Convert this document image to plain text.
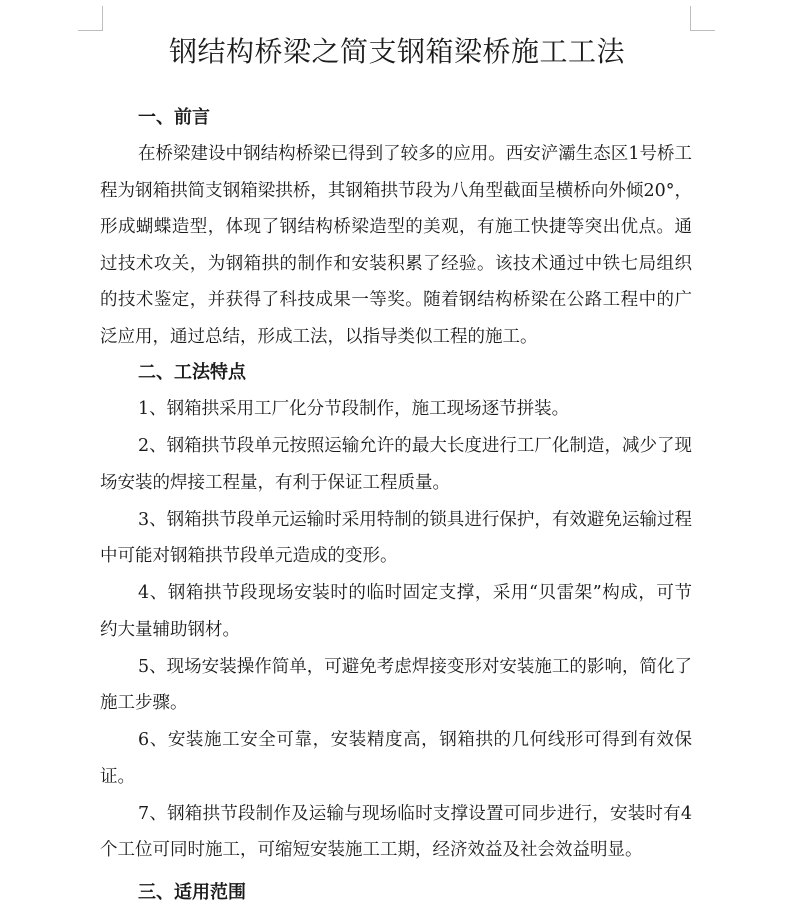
钢结构桥梁之简支钢箱梁桥施工工法

一、前言

在桥梁建设中钢结构桥梁已得到了较多的应用。西安浐灞生态区1号桥工程为钢箱拱简支钢箱梁拱桥，其钢箱拱节段为八角型截面呈横桥向外倾20°，形成蝴蝶造型，体现了钢结构桥梁造型的美观，有施工快捷等突出优点。通过技术攻关，为钢箱拱的制作和安装积累了经验。该技术通过中铁七局组织的技术鉴定，并获得了科技成果一等奖。随着钢结构桥梁在公路工程中的广泛应用，通过总结，形成工法，以指导类似工程的施工。

二、工法特点

1、钢箱拱采用工厂化分节段制作，施工现场逐节拼装。

2、钢箱拱节段单元按照运输允许的最大长度进行工厂化制造，减少了现场安装的焊接工程量，有利于保证工程质量。

3、钢箱拱节段单元运输时采用特制的锁具进行保护，有效避免运输过程中可能对钢箱拱节段单元造成的变形。

4、钢箱拱节段现场安装时的临时固定支撑，采用“贝雷架”构成，可节约大量辅助钢材。

5、现场安装操作简单，可避免考虑焊接变形对安装施工的影响，简化了施工步骤。

6、安装施工安全可靠，安装精度高，钢箱拱的几何线形可得到有效保证。

7、钢箱拱节段制作及运输与现场临时支撑设置可同步进行，安装时有4个工位可同时施工，可缩短安装施工工期，经济效益及社会效益明显。

三、适用范围
